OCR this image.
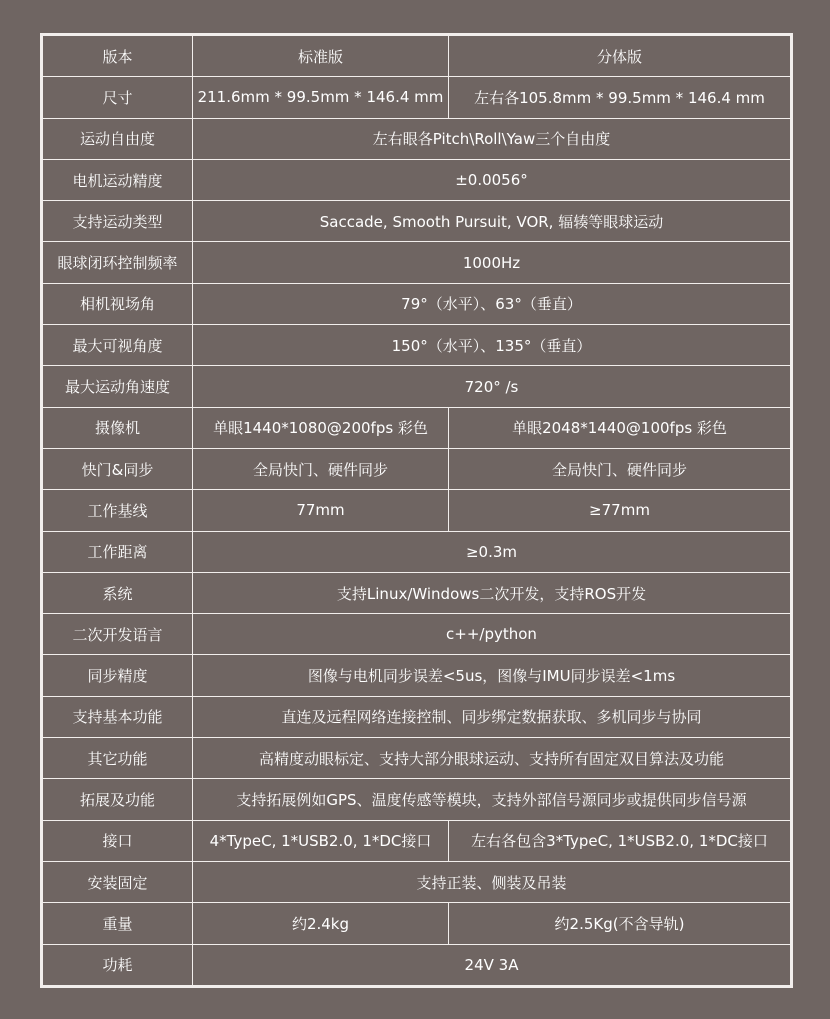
版本	标准版	分体版
尺寸	211.6mm * 99.5mm * 146.4 mm	左右各105.8mm * 99.5mm * 146.4 mm
运动自由度	左右眼各Pitch\Roll\Yaw三个自由度	
电机运动精度	±0.0056°	
支持运动类型	Saccade, Smooth Pursuit, VOR, 辐辏等眼球运动	
眼球闭环控制频率	1000Hz	
相机视场角	79°（水平）、63°（垂直）	
最大可视角度	150°（水平）、135°（垂直）	
最大运动角速度	720° /s	
摄像机	单眼1440*1080@200fps 彩色	单眼2048*1440@100fps 彩色
快门&同步	全局快门、硬件同步	全局快门、硬件同步
工作基线	77mm	≥77mm
工作距离	≥0.3m	
系统	支持Linux/Windows二次开发，支持ROS开发	
二次开发语言	c++/python	
同步精度	图像与电机同步误差<5us，图像与IMU同步误差<1ms	
支持基本功能	直连及远程网络连接控制、同步绑定数据获取、多机同步与协同	
其它功能	高精度动眼标定、支持大部分眼球运动、支持所有固定双目算法及功能	
拓展及功能	支持拓展例如GPS、温度传感等模块，支持外部信号源同步或提供同步信号源	
接口	4*TypeC, 1*USB2.0, 1*DC接口	左右各包含3*TypeC, 1*USB2.0, 1*DC接口
安装固定	支持正装、侧装及吊装	
重量	约2.4kg	约2.5Kg(不含导轨)
功耗	24V 3A	
